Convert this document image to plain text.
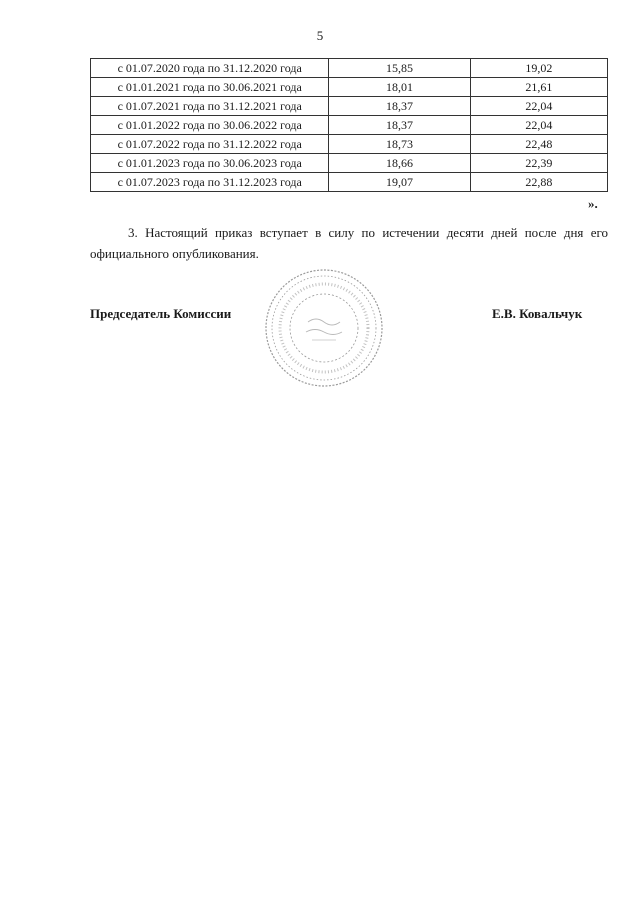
5
с 01.07.2020 года по 31.12.2020 года	15,85	19,02
с 01.01.2021 года по 30.06.2021 года	18,01	21,61
с 01.07.2021 года по 31.12.2021 года	18,37	22,04
с 01.01.2022 года по 30.06.2022 года	18,37	22,04
с 01.07.2022 года по 31.12.2022 года	18,73	22,48
с 01.01.2023 года по 30.06.2023 года	18,66	22,39
с 01.07.2023 года по 31.12.2023 года	19,07	22,88
».
3. Настоящий приказ вступает в силу по истечении десяти дней после дня его официального опубликования.
Председатель Комиссии	Е.В. Ковальчук
